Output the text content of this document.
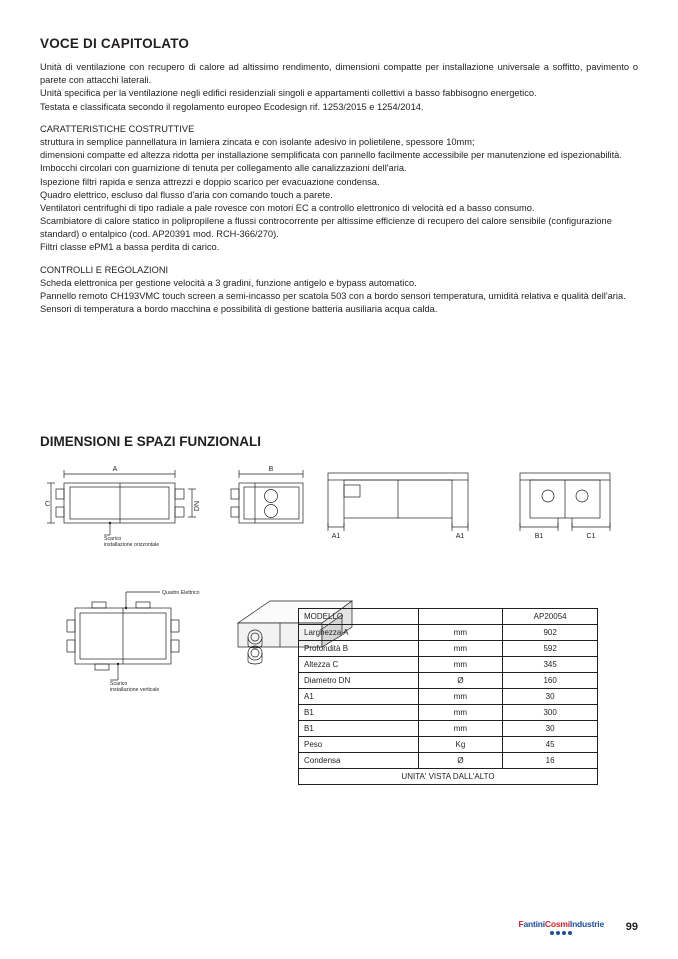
VOCE DI CAPITOLATO

Unità di ventilazione con recupero di calore ad altissimo rendimento, dimensioni compatte per installazione universale a soffitto, pavimento o parete con attacchi laterali.

Unità specifica per la ventilazione negli edifici residenziali singoli e appartamenti collettivi a basso fabbisogno energetico.

Testata e classificata secondo il regolamento europeo Ecodesign rif. 1253/2015 e 1254/2014.

CARATTERISTICHE COSTRUTTIVE

struttura in semplice pannellatura in lamiera zincata e con isolante adesivo in polietilene, spessore 10mm;

dimensioni compatte ed altezza ridotta per installazione semplificata con pannello facilmente accessibile per manutenzione ed ispezionabilità.

Imbocchi circolari con guarnizione di tenuta per collegamento alle canalizzazioni dell'aria.

Ispezione filtri rapida e senza attrezzi e doppio scarico per evacuazione condensa.

Quadro elettrico, escluso dal flusso d'aria con comando touch a parete.

Ventilatori centrifughi di tipo radiale a pale rovesce con motori EC a controllo elettronico di velocità ed a basso consumo.

Scambiatore di calore statico in polipropilene a flussi controcorrente per altissime efficienze di recupero del calore sensibile (configurazione standard) o entalpico (cod. AP20391 mod. RCH-366/270).

Filtri classe ePM1 a bassa perdita di carico.

CONTROLLI E REGOLAZIONI

Scheda elettronica per gestione velocità a 3 gradini, funzione antigelo e bypass automatico.

Pannello remoto CH193VMC touch screen a semi-incasso per scatola 503 con a bordo sensori temperatura, umidità relativa e qualità dell'aria.

Sensori di temperatura a bordo macchina e possibilità di gestione batteria ausiliaria acqua calda.

DIMENSIONI E SPAZI FUNZIONALI
A
C	DN
Scarico
installazione orizzontale
B
A1	A1	B1	C1
Quadro Elettrico
Scarico
installazione verticale
MODELLO		AP20054
Larghezza A	mm	902
Profondità B	mm	592
Altezza C	mm	345
Diametro DN	Ø	160
A1	mm	30
B1	mm	300
B1	mm	30
Peso	Kg	45
Condensa	Ø	16
UNITA' VISTA DALL'ALTO		
FantiniCosmiIndustrie 99
